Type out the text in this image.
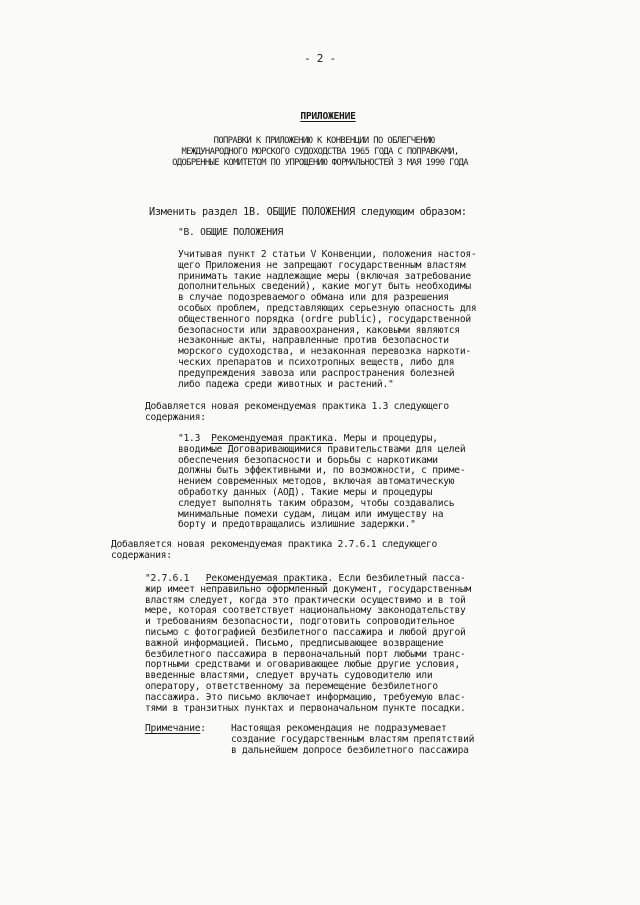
- 2 -
ПРИЛОЖЕНИЕ
ПОПРАВКИ К ПРИЛОЖЕНИЮ К КОНВЕНЦИИ ПО ОБЛЕГЧЕНИЮ
МЕЖДУНАРОДНОГО МОРСКОГО СУДОХОДСТВА 1965 ГОДА С ПОПРАВКАМИ,
ОДОБРЕННЫЕ КОМИТЕТОМ ПО УПРОЩЕНИЮ ФОРМАЛЬНОСТЕЙ 3 МАЯ 1990 ГОДА
Изменить раздел 1В. ОБЩИЕ ПОЛОЖЕНИЯ следующим образом:
"В. ОБЩИЕ ПОЛОЖЕНИЯ
Учитывая пункт 2 статьи V Конвенции, положения настоя-
щего Приложения не запрещают государственным властям
принимать такие надлежащие меры (включая затребование
дополнительных сведений), какие могут быть необходимы
в случае подозреваемого обмана или для разрешения
особых проблем, представляющих серьезную опасность для
общественного порядка (ordre public), государственной
безопасности или здравоохранения, каковыми являются
незаконные акты, направленные против безопасности
морского судоходства, и незаконная перевозка наркоти-
ческих препаратов и психотропных веществ, либо для
предупреждения завоза или распространения болезней
либо падежа среди животных и растений."
Добавляется новая рекомендуемая практика 1.3 следующего
содержания:
"1.3 Рекомендуемая практика. Меры и процедуры,
вводимые Договаривающимися правительствами для целей
обеспечения безопасности и борьбы с наркотиками
должны быть эффективными и, по возможности, с приме-
нением современных методов, включая автоматическую
обработку данных (АОД). Такие меры и процедуры
следует выполнять таким образом, чтобы создавались
минимальные помехи судам, лицам или имуществу на
борту и предотвращались излишние задержки."
Добавляется новая рекомендуемая практика 2.7.6.1 следующего
содержания:
"2.7.6.1 Рекомендуемая практика. Если безбилетный пасса-
жир имеет неправильно оформленный документ, государственным
властям следует, когда это практически осуществимо и в той
мере, которая соответствует национальному законодательству
и требованиям безопасности, подготовить сопроводительное
письмо с фотографией безбилетного пассажира и любой другой
важной информацией. Письмо, предписывающее возвращение
безбилетного пассажира в первоначальный порт любыми транс-
портными средствами и оговаривающее любые другие условия,
введенные властями, следует вручать судоводителю или
оператору, ответственному за перемещение безбилетного
пассажира. Это письмо включает информацию, требуемую влас-
тями в транзитных пунктах и первоначальном пункте посадки.
Примечание:	Настоящая рекомендация не подразумевает
создание государственным властям препятствий
в дальнейшем допросе безбилетного пассажира
